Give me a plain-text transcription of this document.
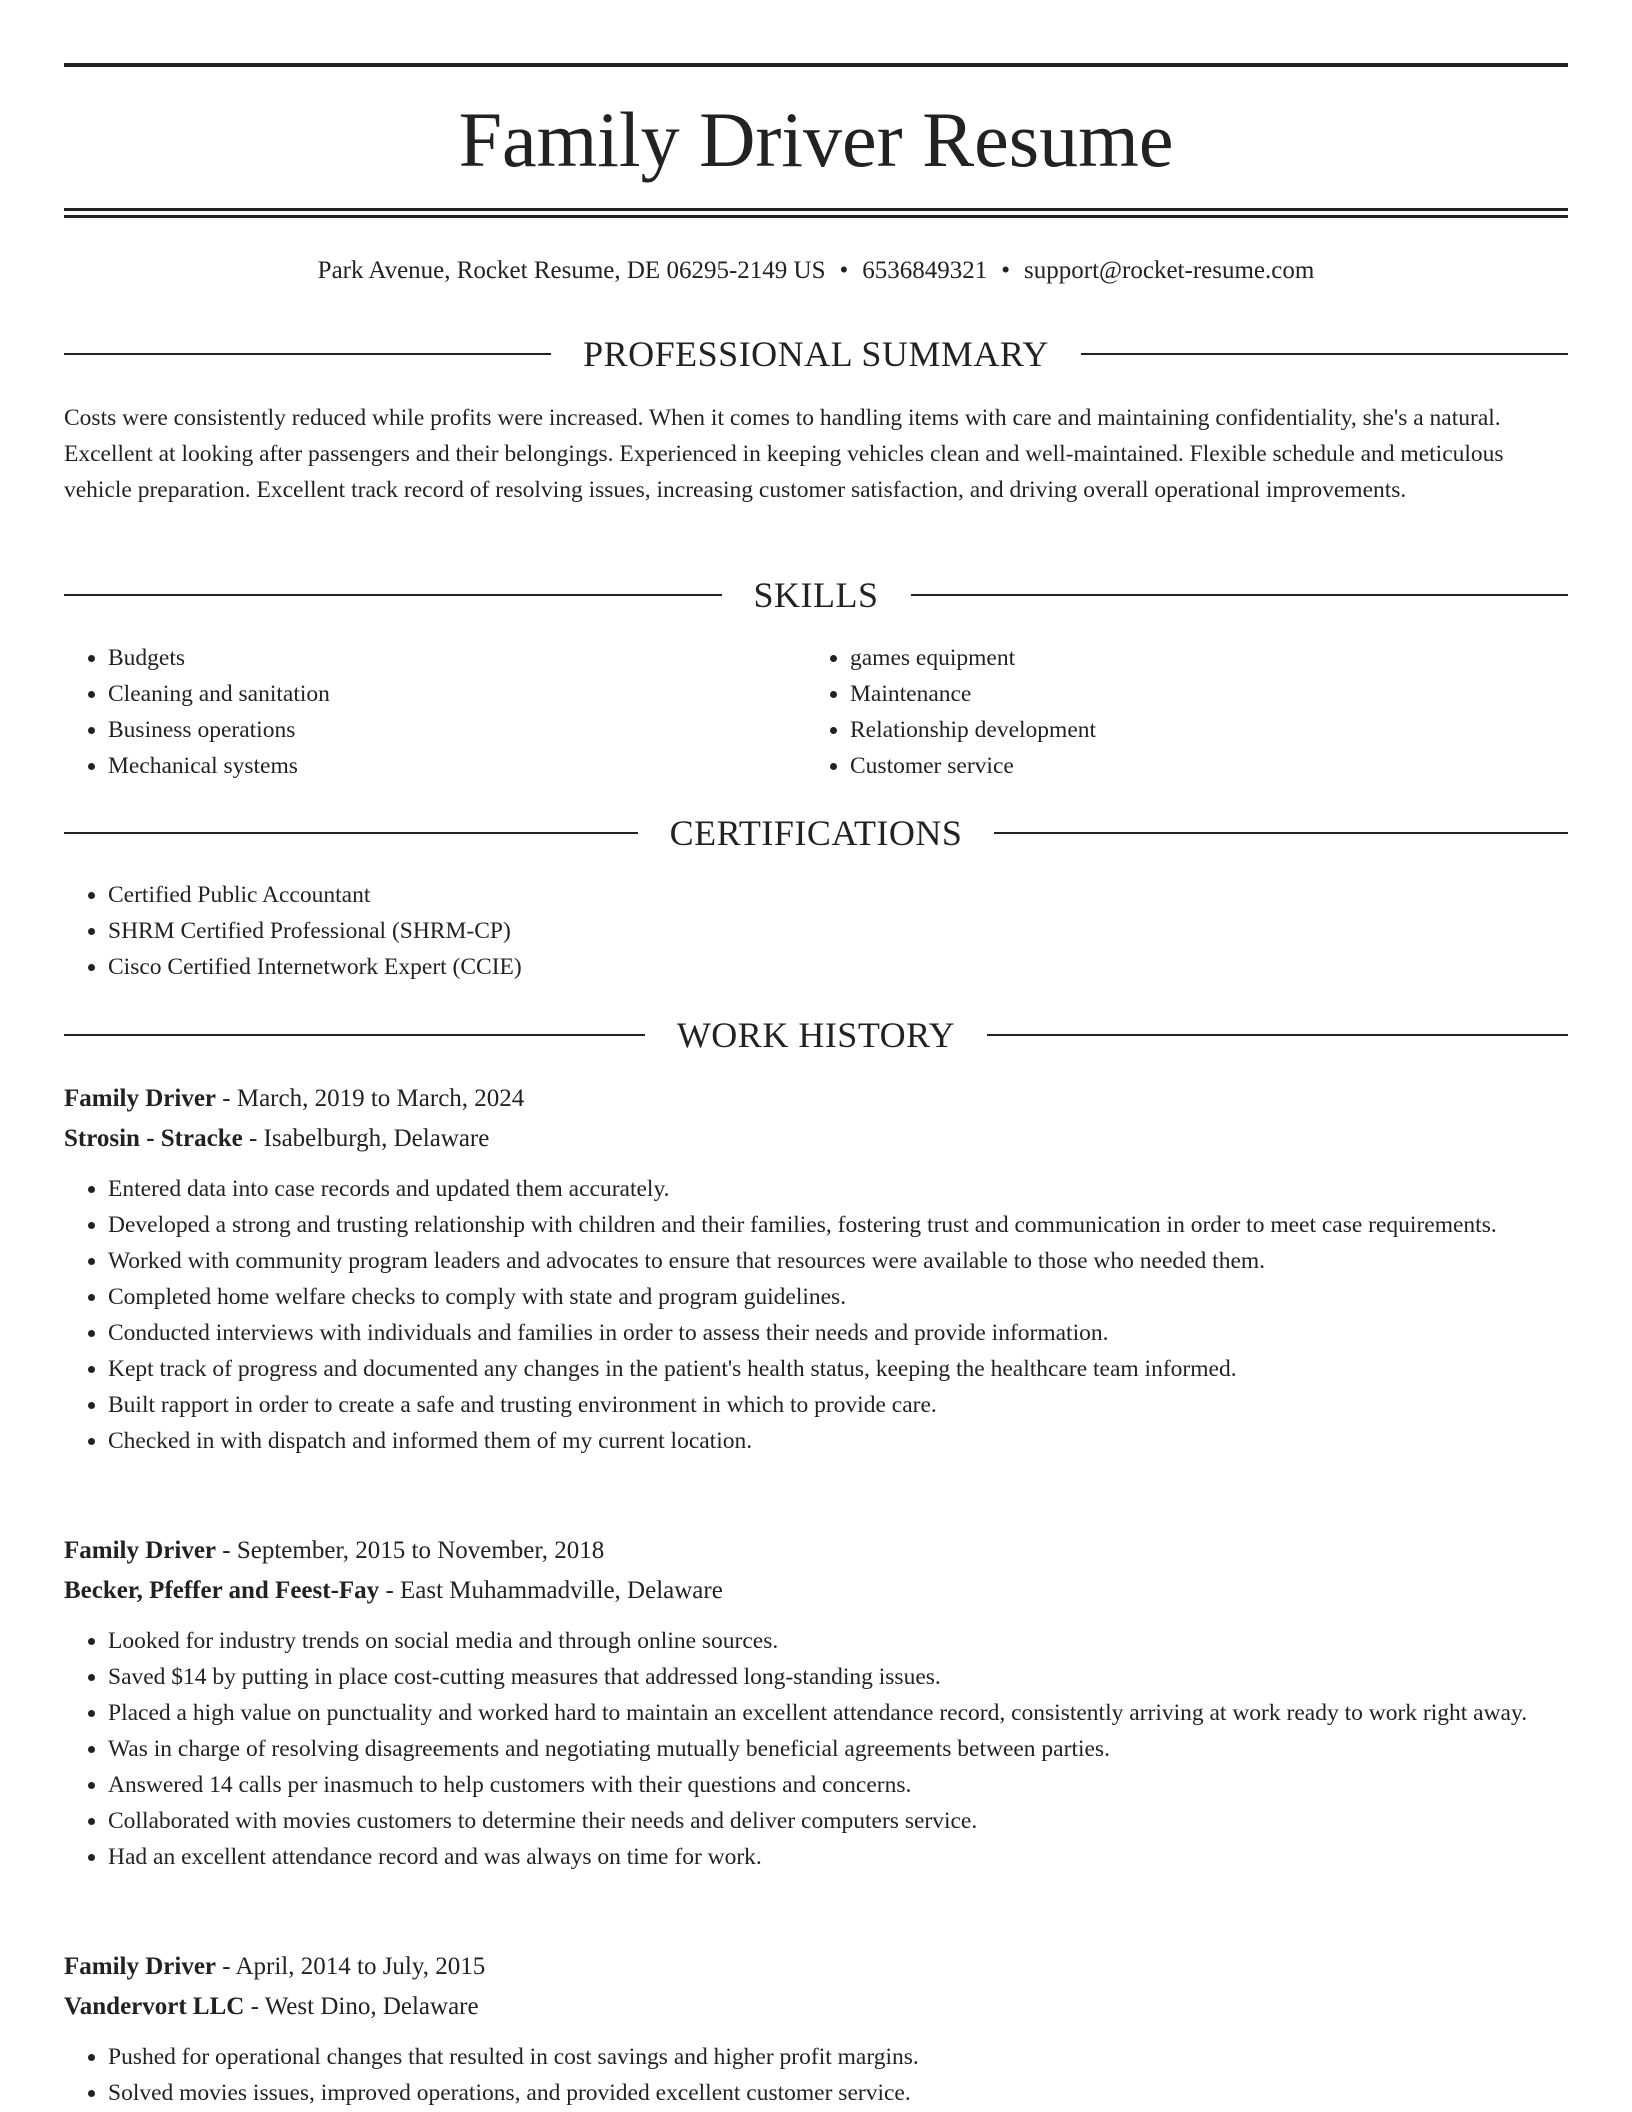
Family Driver Resume
Park Avenue, Rocket Resume, DE 06295-2149 US • 6536849321 • support@rocket-resume.com
PROFESSIONAL SUMMARY

Costs were consistently reduced while profits were increased. When it comes to handling items with care and maintaining confidentiality, she's a natural. Excellent at looking after passengers and their belongings. Experienced in keeping vehicles clean and well-maintained. Flexible schedule and meticulous vehicle preparation. Excellent track record of resolving issues, increasing customer satisfaction, and driving overall operational improvements.

SKILLS
• Budgets
• Cleaning and sanitation
• Business operations
• Mechanical systems
• games equipment
• Maintenance
• Relationship development
• Customer service
CERTIFICATIONS
• Certified Public Accountant
• SHRM Certified Professional (SHRM-CP)
• Cisco Certified Internetwork Expert (CCIE)
WORK HISTORY
Family Driver - March, 2019 to March, 2024
Strosin - Stracke - Isabelburgh, Delaware
• Entered data into case records and updated them accurately.
• Developed a strong and trusting relationship with children and their families, fostering trust and communication in order to meet case requirements.
• Worked with community program leaders and advocates to ensure that resources were available to those who needed them.
• Completed home welfare checks to comply with state and program guidelines.
• Conducted interviews with individuals and families in order to assess their needs and provide information.
• Kept track of progress and documented any changes in the patient's health status, keeping the healthcare team informed.
• Built rapport in order to create a safe and trusting environment in which to provide care.
• Checked in with dispatch and informed them of my current location.
Family Driver - September, 2015 to November, 2018
Becker, Pfeffer and Feest-Fay - East Muhammadville, Delaware
• Looked for industry trends on social media and through online sources.
• Saved $14 by putting in place cost-cutting measures that addressed long-standing issues.
• Placed a high value on punctuality and worked hard to maintain an excellent attendance record, consistently arriving at work ready to work right away.
• Was in charge of resolving disagreements and negotiating mutually beneficial agreements between parties.
• Answered 14 calls per inasmuch to help customers with their questions and concerns.
• Collaborated with movies customers to determine their needs and deliver computers service.
• Had an excellent attendance record and was always on time for work.
Family Driver - April, 2014 to July, 2015
Vandervort LLC - West Dino, Delaware
• Pushed for operational changes that resulted in cost savings and higher profit margins.
• Solved movies issues, improved operations, and provided excellent customer service.
